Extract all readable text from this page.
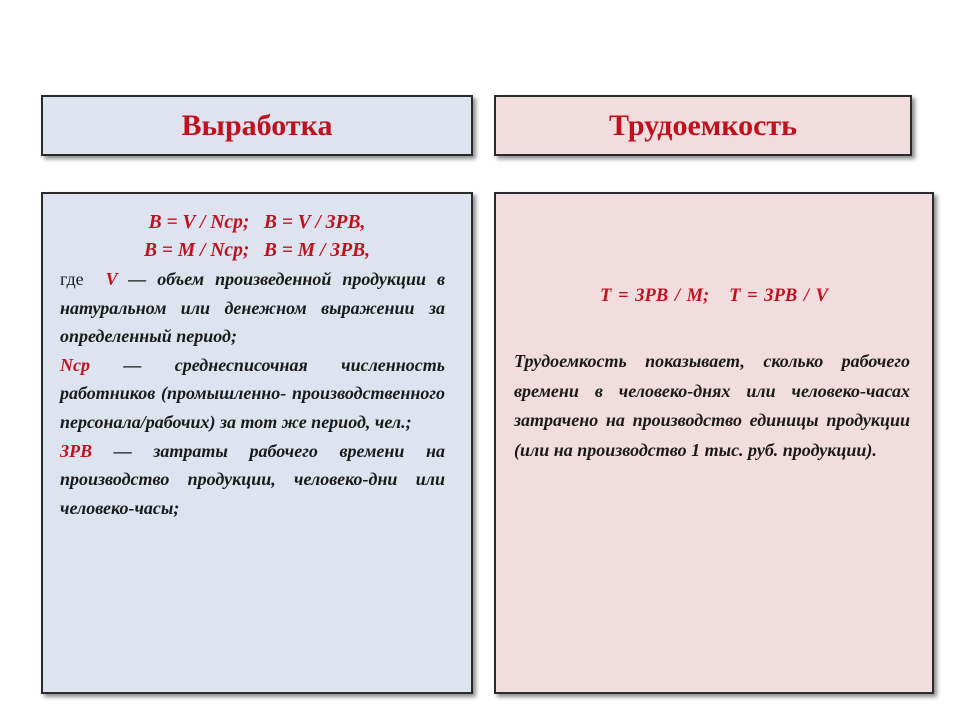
Выработка	Трудоемкость
В = V / Nср;   В = V / ЗРВ,
В = М / Nср;   В = М / ЗРВ,
где V — объем произведенной продукции в натуральном или денежном выражении за определенный период;
Nср — среднесписочная численность работников (промышленно- производственного персонала/рабочих) за тот же период, чел.;
ЗРВ — затраты рабочего времени на производство продукции, человеко-дни или человеко-часы;
Т = ЗРВ / М;   Т = ЗРВ / V
Трудоемкость показывает, сколько рабочего времени в человеко-днях или человеко-часах затрачено на производство единицы продукции (или на производство 1 тыс. руб. продукции).
